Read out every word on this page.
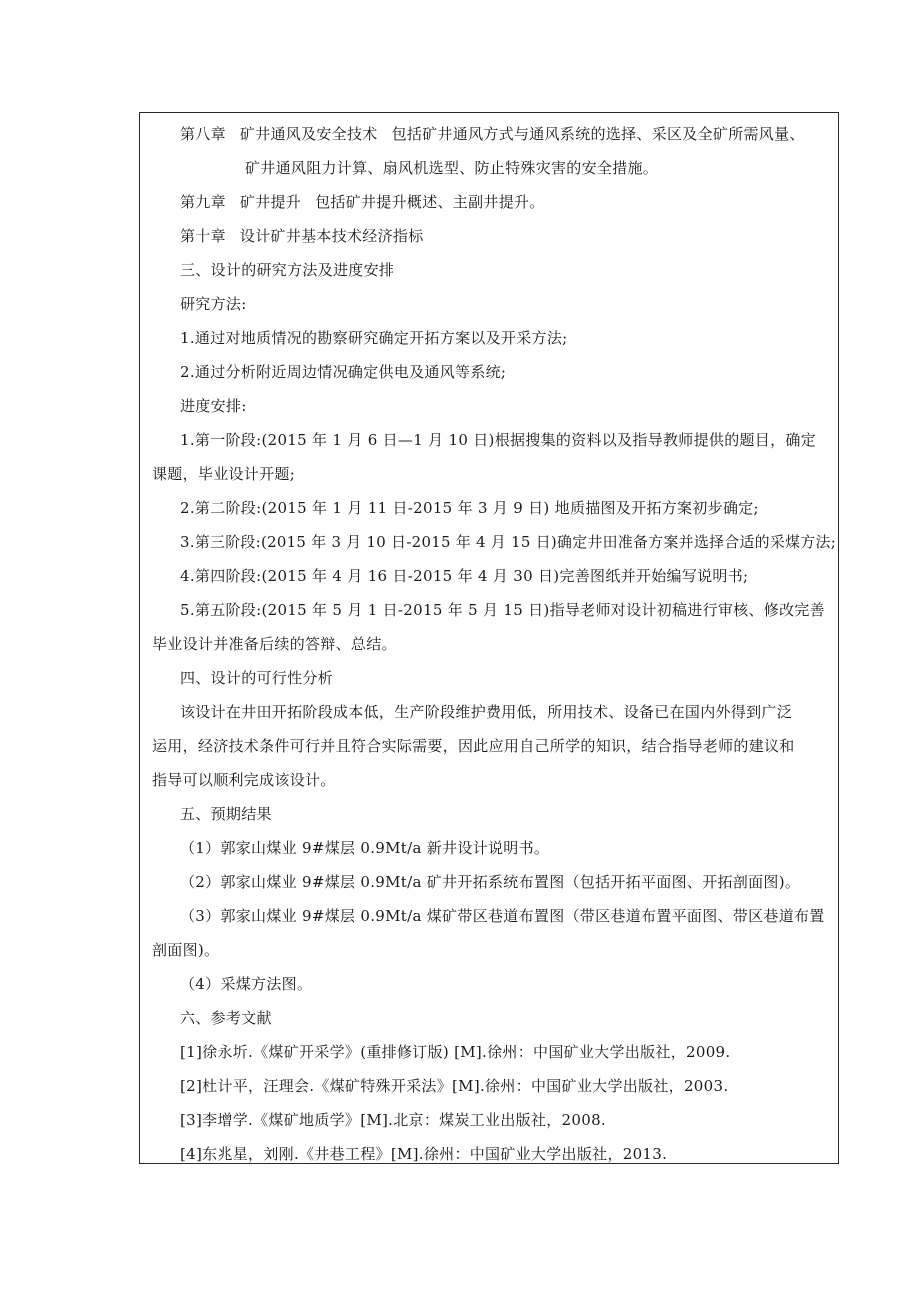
第八章 矿井通风及安全技术 包括矿井通风方式与通风系统的选择、采区及全矿所需风量、
矿井通风阻力计算、扇风机选型、防止特殊灾害的安全措施。
第九章 矿井提升 包括矿井提升概述、主副井提升。
第十章 设计矿井基本技术经济指标
三、设计的研究方法及进度安排
研究方法:
1.通过对地质情况的勘察研究确定开拓方案以及开采方法;
2.通过分析附近周边情况确定供电及通风等系统;
进度安排:
1.第一阶段:(2015 年 1 月 6 日—1 月 10 日)根据搜集的资料以及指导教师提供的题目，确定
课题，毕业设计开题;
2.第二阶段:(2015 年 1 月 11 日-2015 年 3 月 9 日) 地质描图及开拓方案初步确定;
3.第三阶段:(2015 年 3 月 10 日-2015 年 4 月 15 日)确定井田准备方案并选择合适的采煤方法;
4.第四阶段:(2015 年 4 月 16 日-2015 年 4 月 30 日)完善图纸并开始编写说明书;
5.第五阶段:(2015 年 5 月 1 日-2015 年 5 月 15 日)指导老师对设计初稿进行审核、修改完善
毕业设计并准备后续的答辩、总结。
四、设计的可行性分析
该设计在井田开拓阶段成本低，生产阶段维护费用低，所用技术、设备已在国内外得到广泛
运用，经济技术条件可行并且符合实际需要，因此应用自己所学的知识，结合指导老师的建议和
指导可以顺利完成该设计。
五、预期结果
（1）郭家山煤业 9#煤层 0.9Mt/a 新井设计说明书。
（2）郭家山煤业 9#煤层 0.9Mt/a 矿井开拓系统布置图（包括开拓平面图、开拓剖面图)。
（3）郭家山煤业 9#煤层 0.9Mt/a 煤矿带区巷道布置图（带区巷道布置平面图、带区巷道布置
剖面图)。
（4）采煤方法图。
六、参考文献
[1]徐永圻.《煤矿开采学》(重排修订版) [M].徐州：中国矿业大学出版社，2009.
[2]杜计平，汪理会.《煤矿特殊开采法》[M].徐州：中国矿业大学出版社，2003.
[3]李增学.《煤矿地质学》[M].北京：煤炭工业出版社，2008.
[4]东兆星，刘刚.《井巷工程》[M].徐州：中国矿业大学出版社，2013.
